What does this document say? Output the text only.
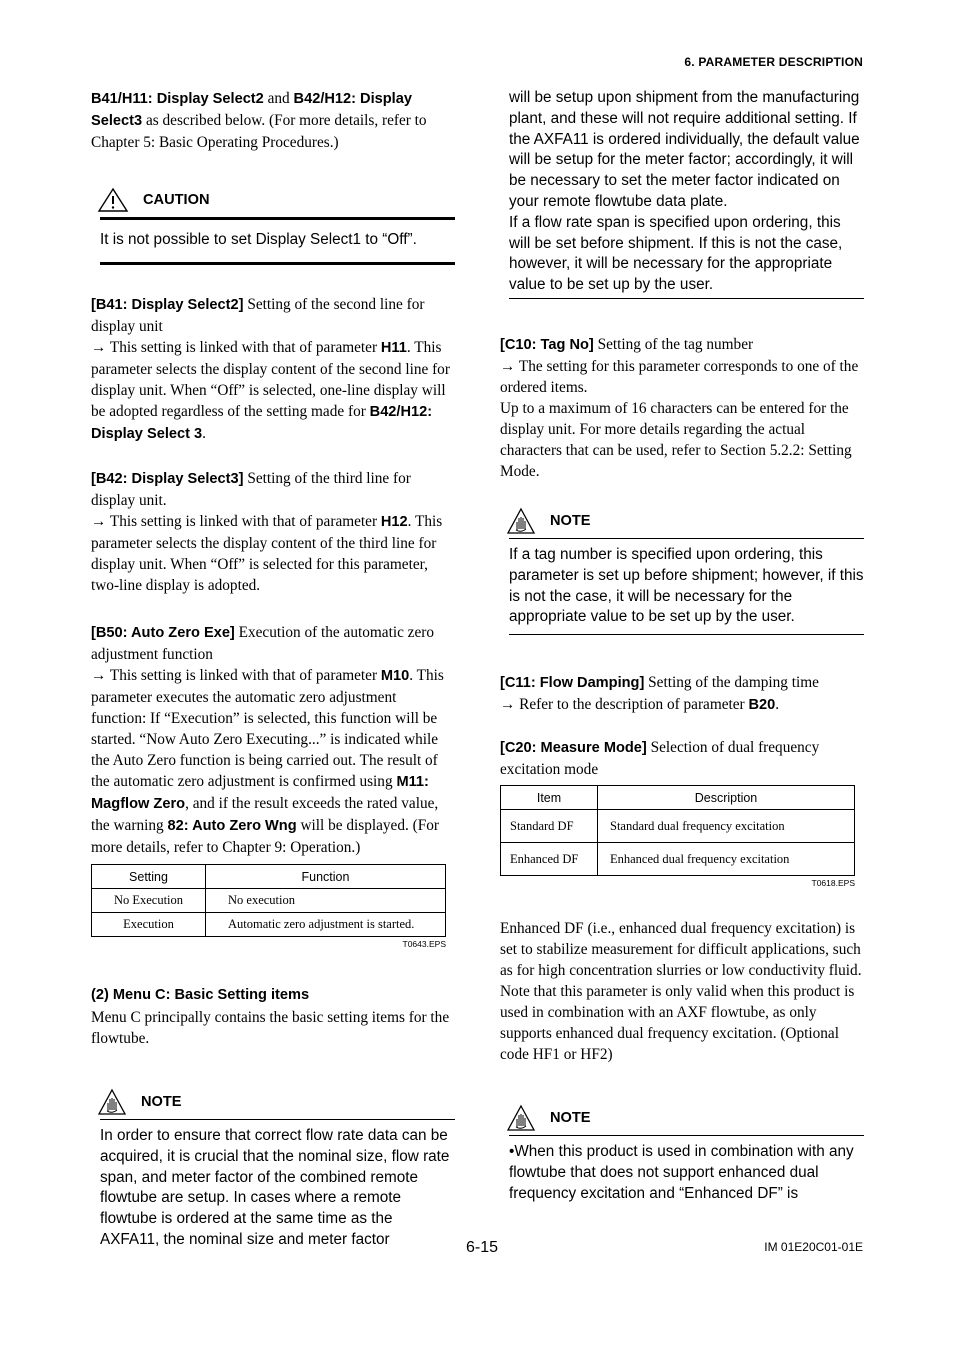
6. PARAMETER DESCRIPTION

B41/H11: Display Select2 and B42/H12: Display Select3 as described below. (For more details, refer to Chapter 5: Basic Operating Procedures.)

CAUTION
It is not possible to set Display Select1 to “Off”.

[B41: Display Select2] Setting of the second line for display unit
→ This setting is linked with that of parameter H11. This parameter selects the display content of the second line for display unit. When “Off” is selected, one-line display will be adopted regardless of the setting made for B42/H12: Display Select 3.

[B42: Display Select3] Setting of the third line for display unit.
→ This setting is linked with that of parameter H12. This parameter selects the display content of the third line for display unit. When “Off” is selected for this parameter, two-line display is adopted.

[B50: Auto Zero Exe] Execution of the automatic zero adjustment function
→ This setting is linked with that of parameter M10. This parameter executes the automatic zero adjustment function: If “Execution” is selected, this function will be started. “Now Auto Zero Executing...” is indicated while the Auto Zero function is being carried out. The result of the automatic zero adjustment is confirmed using M11: Magflow Zero, and if the result exceeds the rated value, the warning 82: Auto Zero Wng will be displayed. (For more details, refer to Chapter 9: Operation.)

Setting	Function
No Execution	No execution
Execution	Automatic zero adjustment is started.
T0643.EPS
(2) Menu C: Basic Setting items

Menu C principally contains the basic setting items for the flowtube.

NOTE
In order to ensure that correct flow rate data can be acquired, it is crucial that the nominal size, flow rate span, and meter factor of the combined remote flowtube are setup. In cases where a remote flowtube is ordered at the same time as the AXFA11, the nominal size and meter factor
will be setup upon shipment from the manufacturing plant, and these will not require additional setting. If the AXFA11 is ordered individually, the default value will be setup for the meter factor; accordingly, it will be necessary to set the meter factor indicated on your remote flowtube data plate.
If a flow rate span is specified upon ordering, this will be set before shipment. If this is not the case, however, it will be necessary for the appropriate value to be set up by the user.

[C10: Tag No] Setting of the tag number
→ The setting for this parameter corresponds to one of the ordered items.
Up to a maximum of 16 characters can be entered for the display unit. For more details regarding the actual characters that can be used, refer to Section 5.2.2: Setting Mode.

NOTE
If a tag number is specified upon ordering, this parameter is set up before shipment; however, if this is not the case, it will be necessary for the appropriate value to be set up by the user.

[C11: Flow Damping] Setting of the damping time
→ Refer to the description of parameter B20.

[C20: Measure Mode] Selection of dual frequency excitation mode

Item	Description
Standard DF	Standard dual frequency excitation
Enhanced DF	Enhanced dual frequency excitation
T0618.EPS

Enhanced DF (i.e., enhanced dual frequency excitation) is set to stabilize measurement for difficult applications, such as for high concentration slurries or low conductivity fluid. Note that this parameter is only valid when this product is used in combination with an AXF flowtube, as only supports enhanced dual frequency excitation. (Optional code HF1 or HF2)

NOTE
•When this product is used in combination with any flowtube that does not support enhanced dual frequency excitation and “Enhanced DF” is
6-15	IM 01E20C01-01E
